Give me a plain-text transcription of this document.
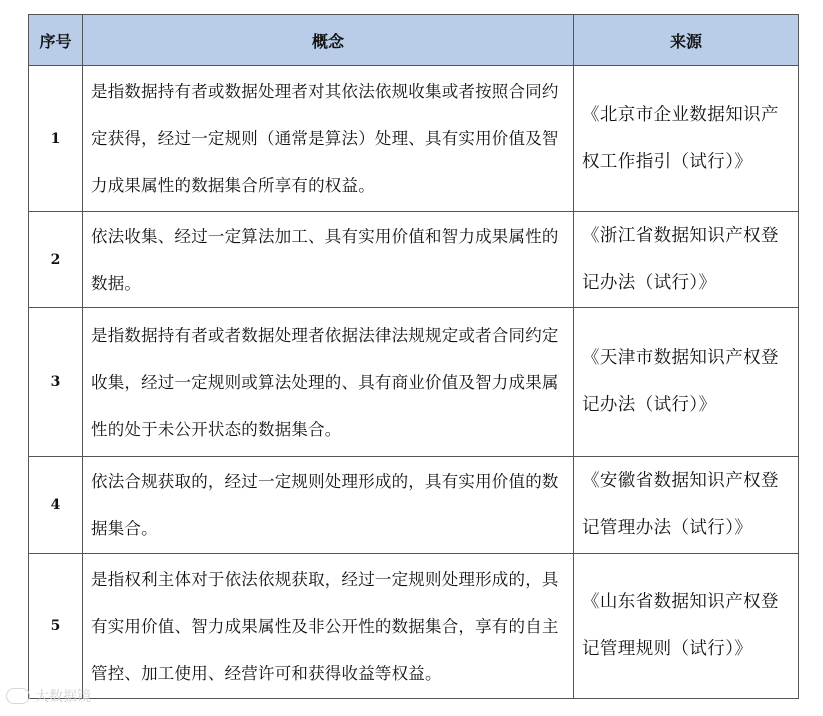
序号	概念	来源
1	是指数据持有者或数据处理者对其依法依规收集或者按照合同约定获得，经过一定规则（通常是算法）处理、具有实用价值及智力成果属性的数据集合所享有的权益。	《北京市企业数据知识产权工作指引（试行）》
2	依法收集、经过一定算法加工、具有实用价值和智力成果属性的数据。	《浙江省数据知识产权登记办法（试行）》
3	是指数据持有者或者数据处理者依据法律法规规定或者合同约定收集，经过一定规则或算法处理的、具有商业价值及智力成果属性的处于未公开状态的数据集合。	《天津市数据知识产权登记办法（试行）》
4	依法合规获取的，经过一定规则处理形成的，具有实用价值的数据集合。	《安徽省数据知识产权登记管理办法（试行）》
5	是指权利主体对于依法依规获取，经过一定规则处理形成的，具有实用价值、智力成果属性及非公开性的数据集合，享有的自主管控、加工使用、经营许可和获得收益等权益。	《山东省数据知识产权登记管理规则（试行）》
大数据镜
